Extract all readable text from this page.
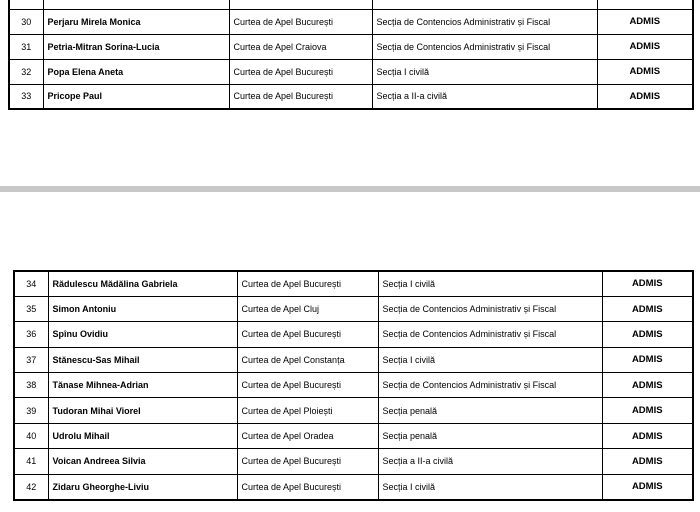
30	Perjaru Mirela Monica	Curtea de Apel București	Secția de Contencios Administrativ și Fiscal	ADMIS
31	Petria-Mitran Sorina-Lucia	Curtea de Apel Craiova	Secția de Contencios Administrativ și Fiscal	ADMIS
32	Popa Elena Aneta	Curtea de Apel București	Secția I civilă	ADMIS
33	Pricope Paul	Curtea de Apel București	Secția a II-a civilă	ADMIS
34	Rădulescu Mădălina Gabriela	Curtea de Apel București	Secția I civilă	ADMIS
35	Simon Antoniu	Curtea de Apel Cluj	Secția de Contencios Administrativ și Fiscal	ADMIS
36	Spînu Ovidiu	Curtea de Apel București	Secția de Contencios Administrativ și Fiscal	ADMIS
37	Stănescu-Sas Mihail	Curtea de Apel Constanța	Secția I civilă	ADMIS
38	Tănase Mihnea-Adrian	Curtea de Apel București	Secția de Contencios Administrativ și Fiscal	ADMIS
39	Tudoran Mihai Viorel	Curtea de Apel Ploiești	Secția penală	ADMIS
40	Udrolu Mihail	Curtea de Apel Oradea	Secția penală	ADMIS
41	Voican Andreea Silvia	Curtea de Apel București	Secția a II-a civilă	ADMIS
42	Zidaru Gheorghe-Liviu	Curtea de Apel București	Secția I civilă	ADMIS
